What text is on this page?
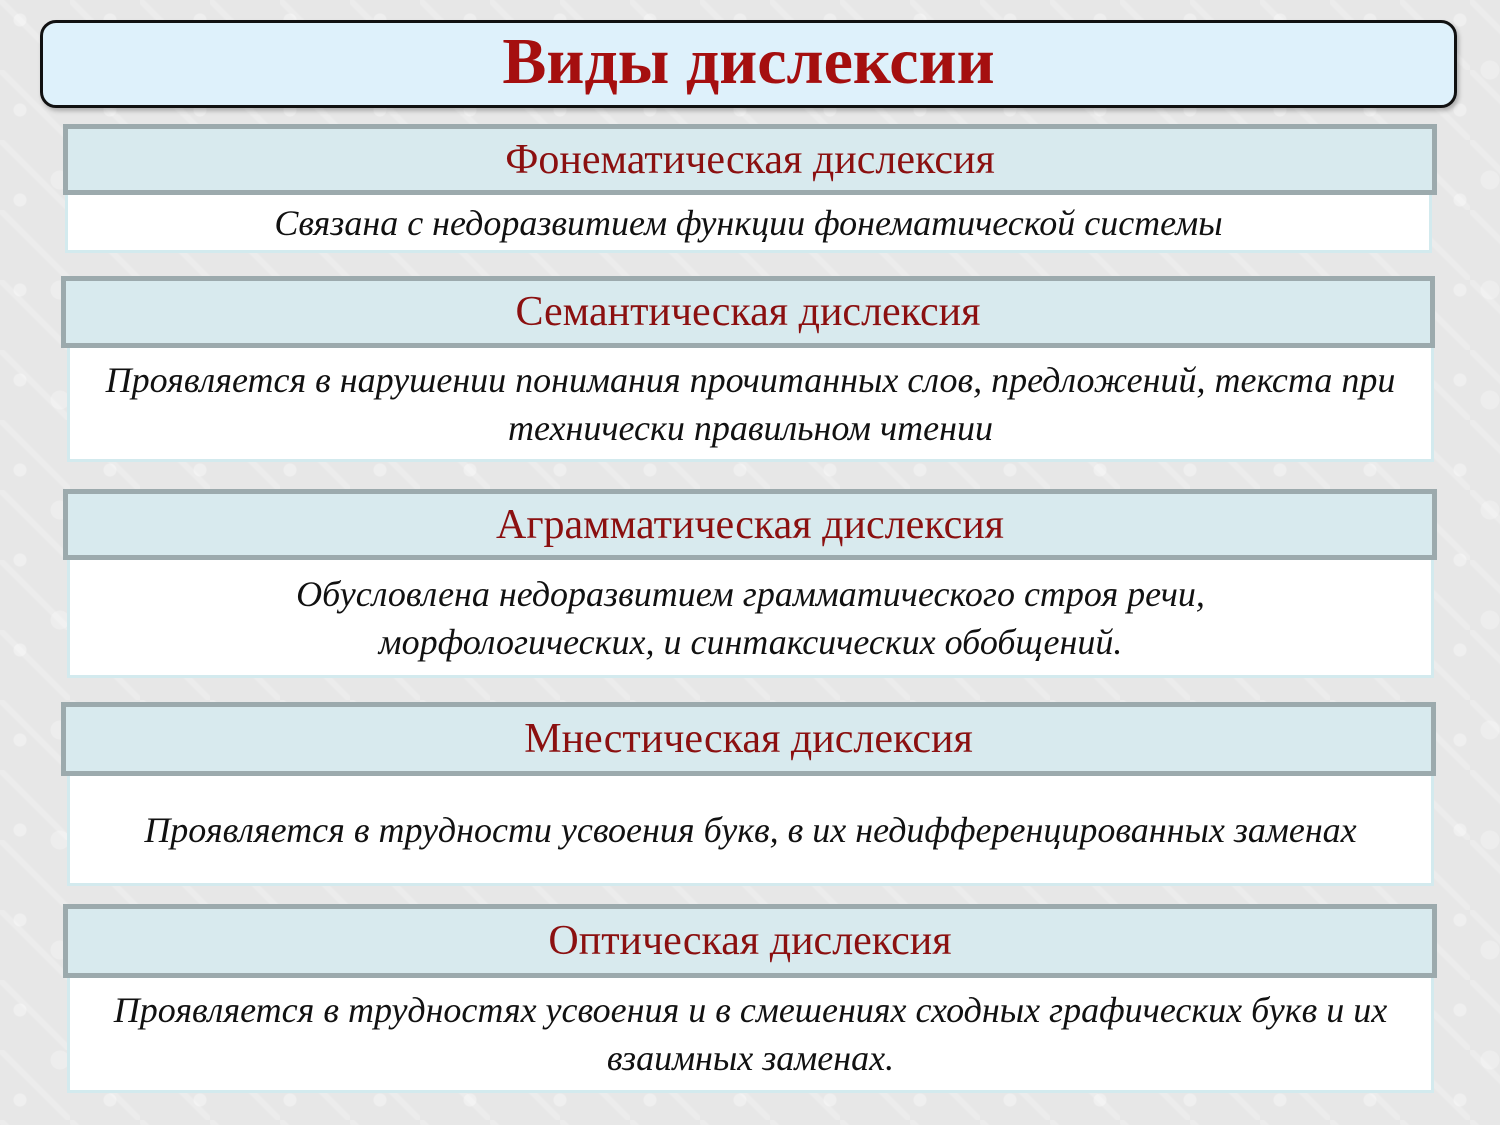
Виды дислексии
Фонематическая дислексия
Связана с недоразвитием функции фонематической системы
Семантическая дислексия
Проявляется в нарушении понимания прочитанных слов, предложений, текста при технически правильном чтении
Аграмматическая дислексия
Обусловлена недоразвитием грамматического строя речи, морфологических, и синтаксических обобщений.
Мнестическая дислексия
Проявляется в трудности усвоения букв, в их недифференцированных заменах
Оптическая дислексия
Проявляется в трудностях усвоения и в смешениях сходных графических букв и их взаимных заменах.
